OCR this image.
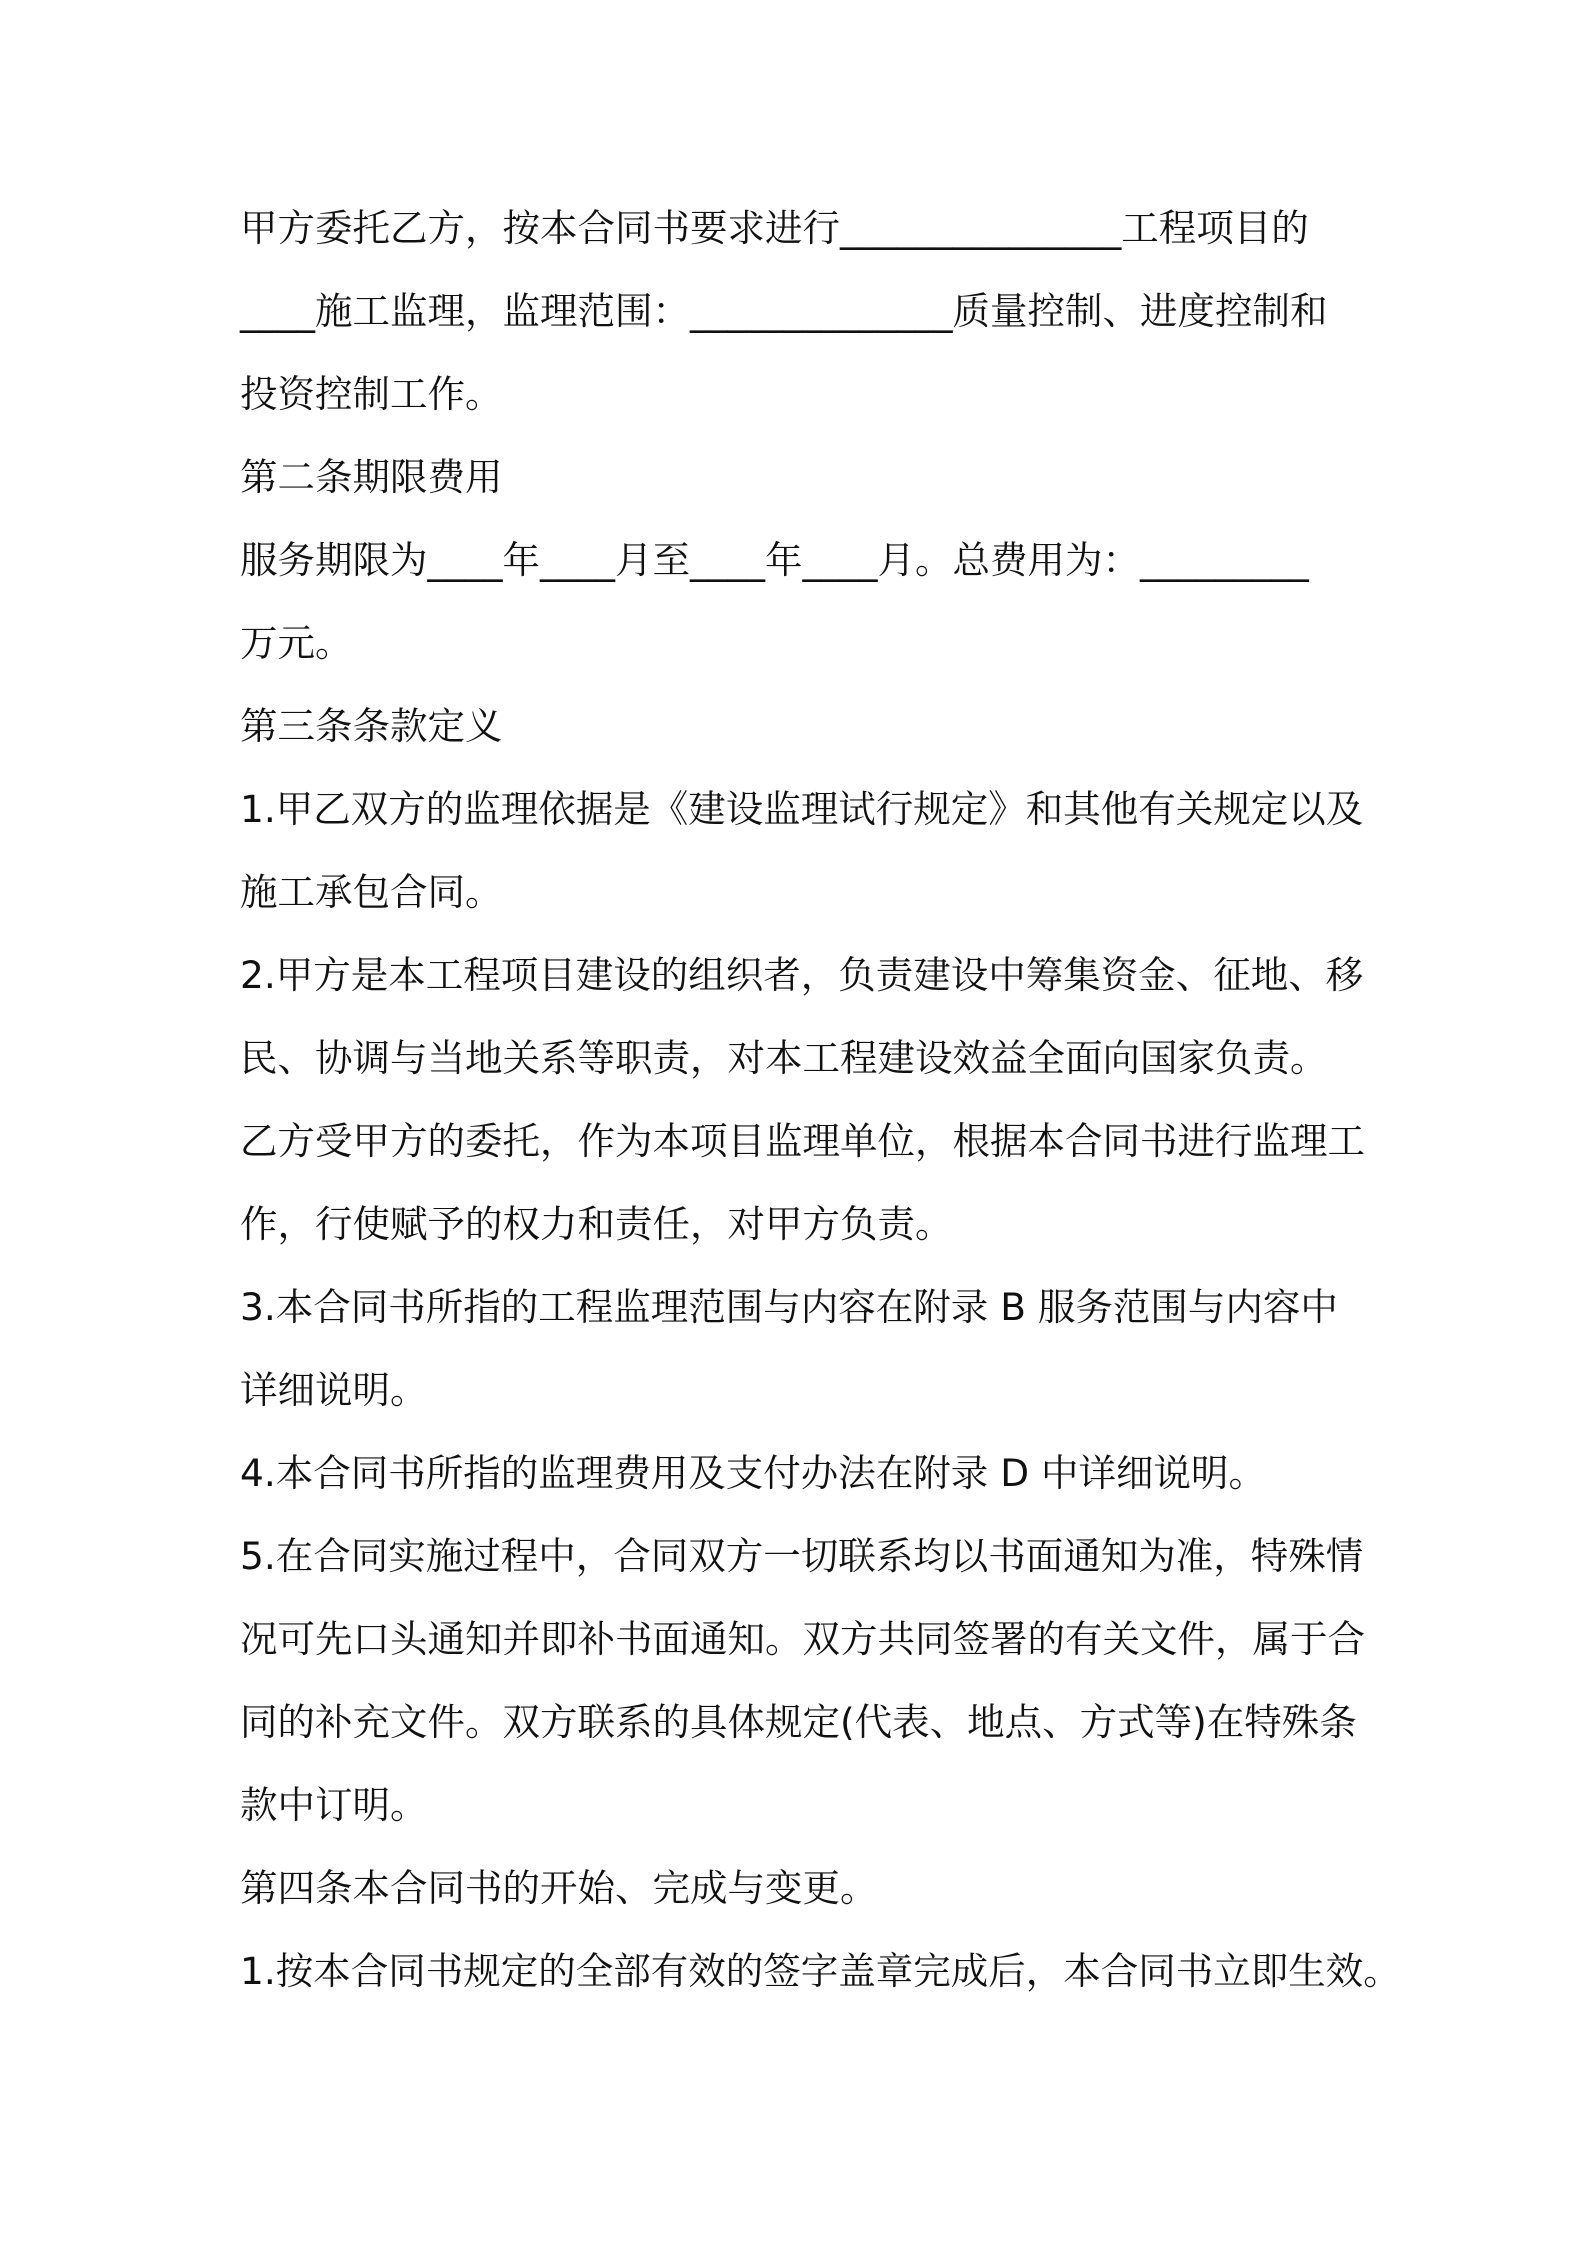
甲方委托乙方，按本合同书要求进行_______________工程项目的

____施工监理，监理范围：______________质量控制、进度控制和

投资控制工作。

第二条期限费用

服务期限为____年____月至____年____月。总费用为：_________

万元。

第三条条款定义

1.甲乙双方的监理依据是《建设监理试行规定》和其他有关规定以及

施工承包合同。

2.甲方是本工程项目建设的组织者，负责建设中筹集资金、征地、移

民、协调与当地关系等职责，对本工程建设效益全面向国家负责。

乙方受甲方的委托，作为本项目监理单位，根据本合同书进行监理工

作，行使赋予的权力和责任，对甲方负责。

3.本合同书所指的工程监理范围与内容在附录 B 服务范围与内容中

详细说明。

4.本合同书所指的监理费用及支付办法在附录 D 中详细说明。

5.在合同实施过程中，合同双方一切联系均以书面通知为准，特殊情

况可先口头通知并即补书面通知。双方共同签署的有关文件，属于合

同的补充文件。双方联系的具体规定(代表、地点、方式等)在特殊条

款中订明。

第四条本合同书的开始、完成与变更。

1.按本合同书规定的全部有效的签字盖章完成后，本合同书立即生效。
